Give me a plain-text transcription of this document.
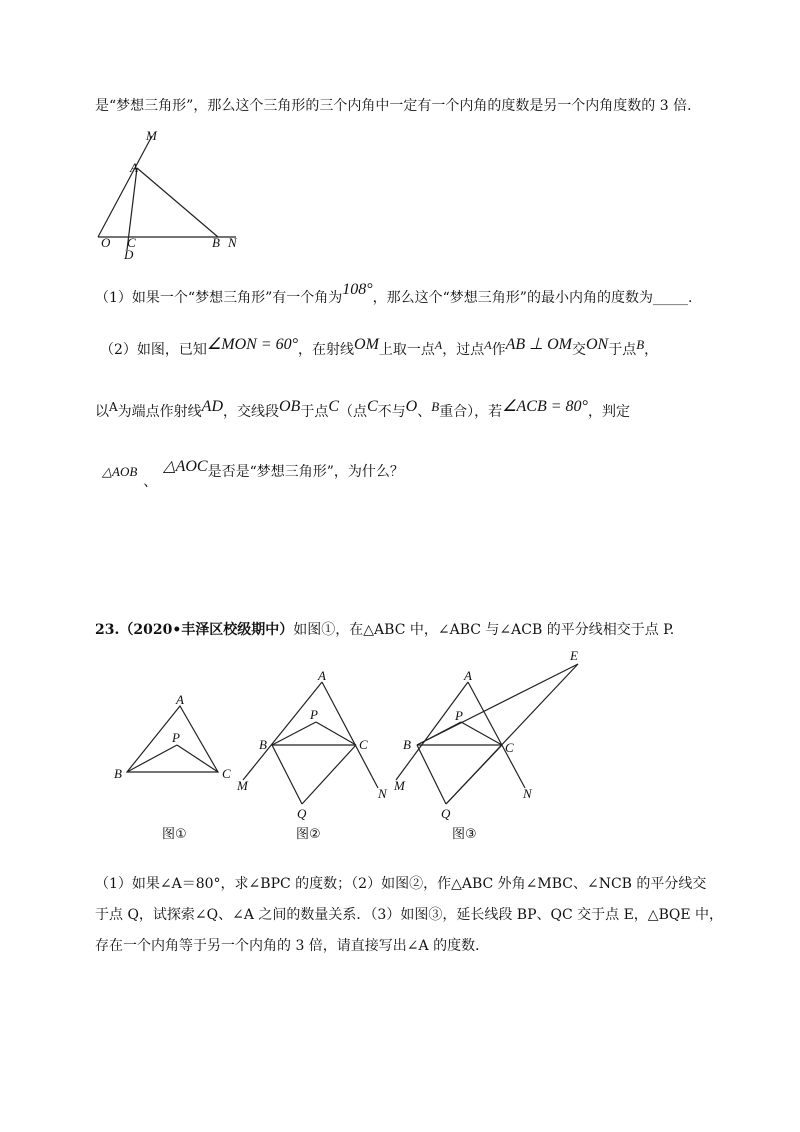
是“梦想三角形”，那么这个三角形的三个内角中一定有一个内角的度数是另一个内角度数的 3 倍．
M
A
O C
D
B N
A
B	C
P
图①
A
B	C
P
Q
M
N
图②
A
B	C
P
Q
M
N
E
图③
（1）如果一个“梦想三角形”有一个角为108°，那么这个“梦想三角形”的最小内角的度数为_____.
（2）如图，已知∠MON = 60°，在射线OM上取一点A，过点A作AB ⊥ OM交ON于点B，
以A为端点作射线AD，交线段OB于点C（点C不与O、B重合），若∠ACB = 80°，判定
△AOB、△AOC是否是“梦想三角形”，为什么？
23.（2020•丰泽区校级期中）如图①，在△ABC 中，∠ABC 与∠ACB 的平分线相交于点 P.
（1）如果∠A＝80°，求∠BPC 的度数；（2）如图②，作△ABC 外角∠MBC、∠NCB 的平分线交
于点 Q，试探索∠Q、∠A 之间的数量关系．（3）如图③，延长线段 BP、QC 交于点 E，△BQE 中，
存在一个内角等于另一个内角的 3 倍，请直接写出∠A 的度数．
